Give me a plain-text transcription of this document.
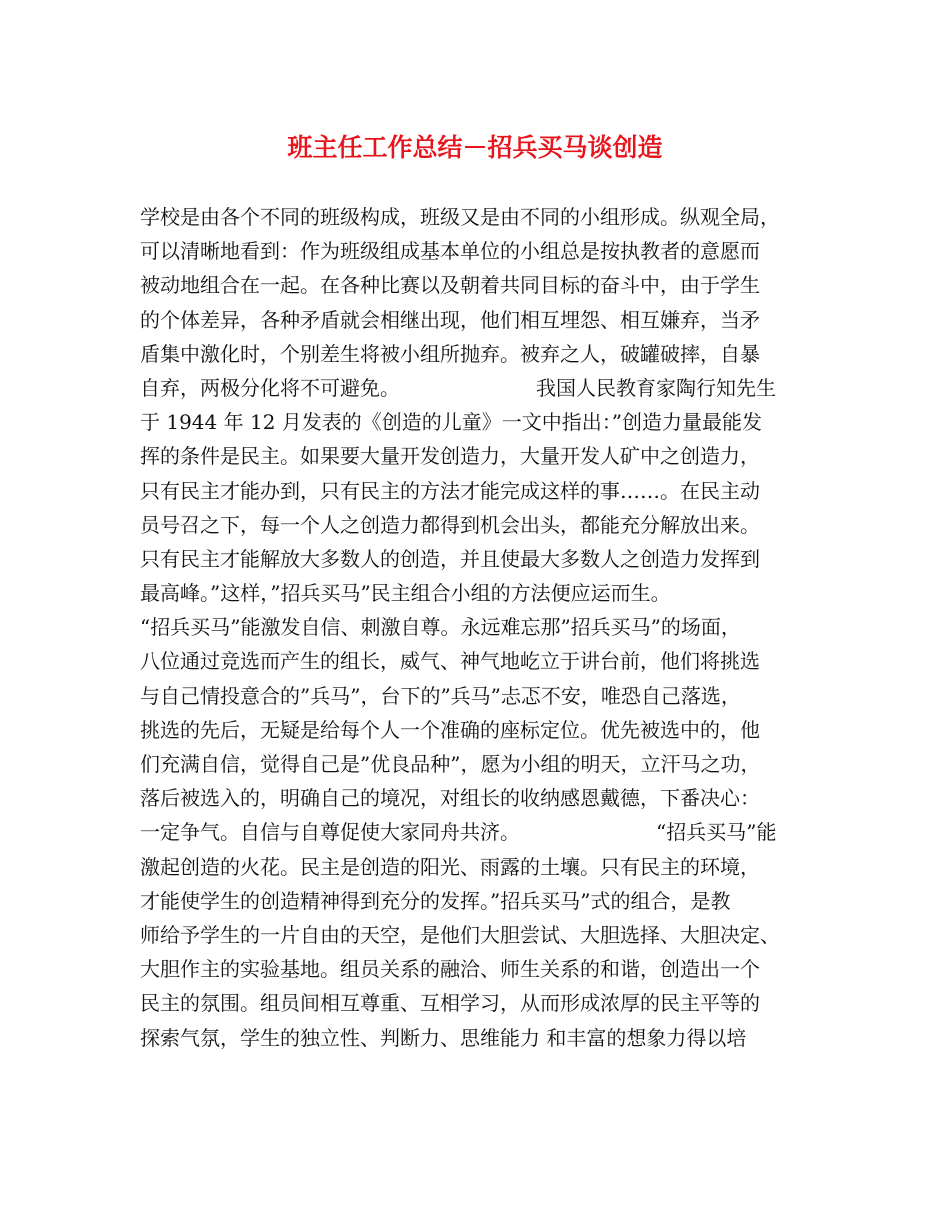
班主任工作总结－招兵买马谈创造
学校是由各个不同的班级构成，班级又是由不同的小组形成。纵观全局，
可以清晰地看到：作为班级组成基本单位的小组总是按执教者的意愿而
被动地组合在一起。在各种比赛以及朝着共同目标的奋斗中，由于学生
的个体差异，各种矛盾就会相继出现，他们相互埋怨、相互嫌弃，当矛
盾集中激化时，个别差生将被小组所抛弃。被弃之人，破罐破摔，自暴
自弃，两极分化将不可避免。	我国人民教育家陶行知先生
于 1944 年 12 月发表的《创造的儿童》一文中指出：”创造力量最能发
挥的条件是民主。如果要大量开发创造力，大量开发人矿中之创造力，
只有民主才能办到，只有民主的方法才能完成这样的事……。在民主动
员号召之下，每一个人之创造力都得到机会出头，都能充分解放出来。
只有民主才能解放大多数人的创造，并且使最大多数人之创造力发挥到
最高峰。”这样，”招兵买马”民主组合小组的方法便应运而生。
“招兵买马”能激发自信、刺激自尊。永远难忘那”招兵买马”的场面，
八位通过竞选而产生的组长，威气、神气地屹立于讲台前，他们将挑选
与自己情投意合的”兵马”，台下的”兵马”忐忑不安，唯恐自己落选，
挑选的先后，无疑是给每个人一个准确的座标定位。优先被选中的，他
们充满自信，觉得自己是”优良品种”，愿为小组的明天，立汗马之功，
落后被选入的，明确自己的境况，对组长的收纳感恩戴德，下番决心：
一定争气。自信与自尊促使大家同舟共济。	“招兵买马”能
激起创造的火花。民主是创造的阳光、雨露的土壤。只有民主的环境，
才能使学生的创造精神得到充分的发挥。”招兵买马”式的组合，是教
师给予学生的一片自由的天空，是他们大胆尝试、大胆选择、大胆决定、
大胆作主的实验基地。组员关系的融洽、师生关系的和谐，创造出一个
民主的氛围。组员间相互尊重、互相学习，从而形成浓厚的民主平等的
探索气氛，学生的独立性、判断力、思维能力 和丰富的想象力得以培
